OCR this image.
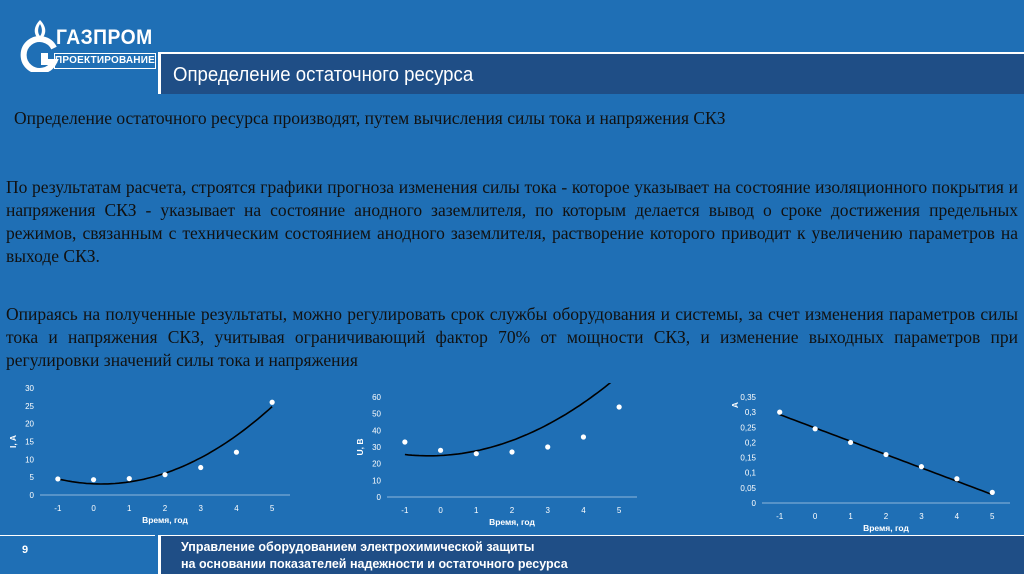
ГАЗПРОМ
ПРОЕКТИРОВАНИЕ
Определение остаточного ресурса
Определение остаточного ресурса производят, путем вычисления силы тока и напряжения СКЗ
По результатам расчета, строятся графики прогноза изменения силы тока - которое указывает на состояние изоляционного покрытия и напряжения СКЗ - указывает на состояние анодного заземлителя, по которым делается вывод о сроке достижения предельных режимов, связанным с техническим состоянием анодного заземлителя, растворение которого приводит к увеличению параметров на выходе СКЗ.
Опираясь на полученные результаты, можно регулировать срок службы оборудования и системы, за счет изменения параметров силы тока и напряжения СКЗ, учитывая ограничивающий фактор 70% от мощности СКЗ, и изменение выходных параметров при регулировки значений силы тока и напряжения
0
5
10
15
20
25
30
-1	0	1	2	3	4	5
Время, год
I, A
0
10
20
30
40
50
60
-1	0	1	2	3	4	5
Время, год
U, B
0
0,05
0,1
0,15
0,2
0,25
0,3
0,35
-1	0	1	2	3	4	5
Время, год
A
9	Управление оборудованием электрохимической защиты
на основании показателей надежности и остаточного ресурса
